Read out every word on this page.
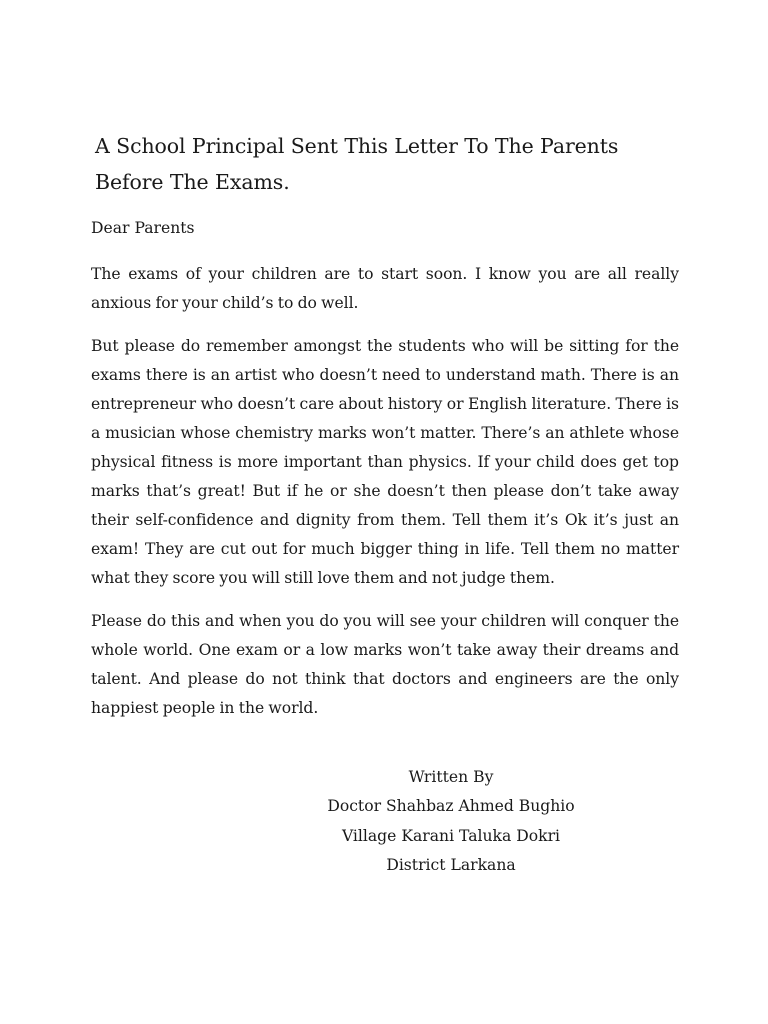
A School Principal Sent This Letter To The Parents Before The Exams.

Dear Parents

The exams of your children are to start soon. I know you are all really anxious for your child’s to do well.

But please do remember amongst the students who will be sitting for the exams there is an artist who doesn’t need to understand math. There is an entrepreneur who doesn’t care about history or English literature. There is a musician whose chemistry marks won’t matter. There’s an athlete whose physical fitness is more important than physics. If your child does get top marks that’s great! But if he or she doesn’t then please don’t take away their self-confidence and dignity from them. Tell them it’s Ok it’s just an exam! They are cut out for much bigger thing in life. Tell them no matter what they score you will still love them and not judge them.

Please do this and when you do you will see your children will conquer the whole world. One exam or a low marks won’t take away their dreams and talent. And please do not think that doctors and engineers are the only happiest people in the world.

Written By
Doctor Shahbaz Ahmed Bughio
Village Karani Taluka Dokri
District Larkana
